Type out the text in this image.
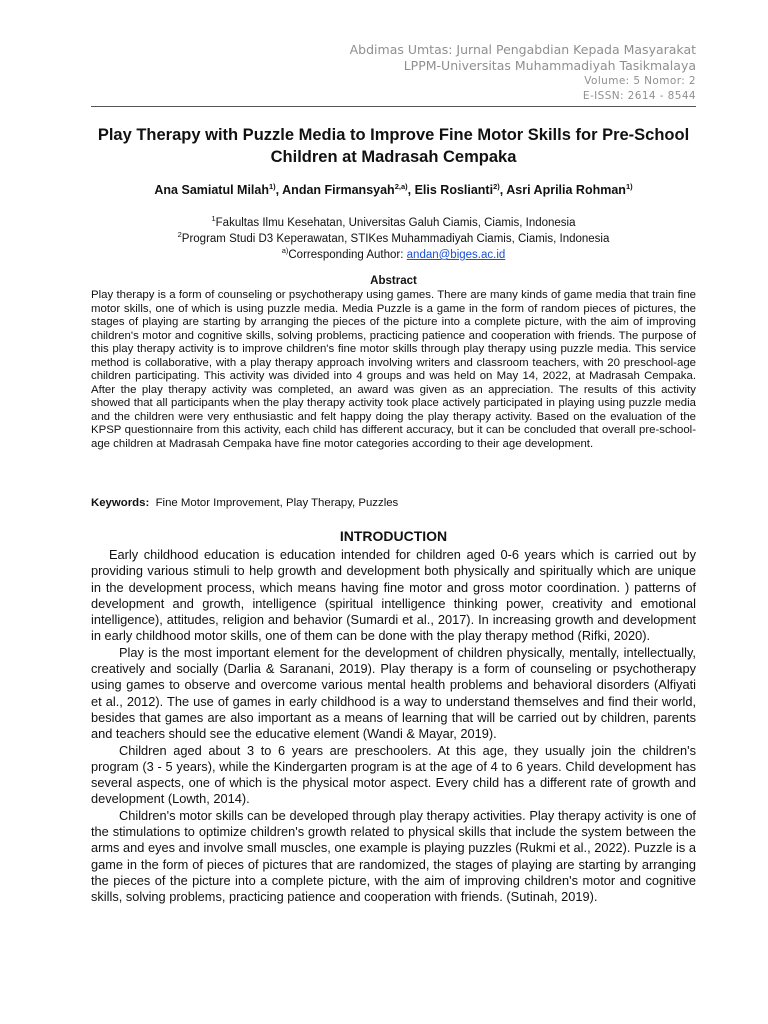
Abdimas Umtas: Jurnal Pengabdian Kepada Masyarakat
LPPM-Universitas Muhammadiyah Tasikmalaya
Volume: 5 Nomor: 2
E-ISSN: 2614 - 8544
Play Therapy with Puzzle Media to Improve Fine Motor Skills for Pre-School Children at Madrasah Cempaka
Ana Samiatul Milah$^{1)}$, Andan Firmansyah$^{2,a)}$, Elis Roslianti$^{2)}$, Asri Aprilia Rohman$^{1)}$
$^1$Fakultas Ilmu Kesehatan, Universitas Galuh Ciamis, Ciamis, Indonesia
$^2$Program Studi D3 Keperawatan, STIKes Muhammadiyah Ciamis, Ciamis, Indonesia
$^{a)}$Corresponding Author: andan@biges.ac.id
Abstract
Play therapy is a form of counseling or psychotherapy using games. There are many kinds of game media that train fine motor skills, one of which is using puzzle media. Media Puzzle is a game in the form of random pieces of pictures, the stages of playing are starting by arranging the pieces of the picture into a complete picture, with the aim of improving children's motor and cognitive skills, solving problems, practicing patience and cooperation with friends. The purpose of this play therapy activity is to improve children's fine motor skills through play therapy using puzzle media. This service method is collaborative, with a play therapy approach involving writers and classroom teachers, with 20 preschool-age children participating. This activity was divided into 4 groups and was held on May 14, 2022, at Madrasah Cempaka. After the play therapy activity was completed, an award was given as an appreciation. The results of this activity showed that all participants when the play therapy activity took place actively participated in playing using puzzle media and the children were very enthusiastic and felt happy doing the play therapy activity. Based on the evaluation of the KPSP questionnaire from this activity, each child has different accuracy, but it can be concluded that overall pre-school-age children at Madrasah Cempaka have fine motor categories according to their age development.
Keywords: Fine Motor Improvement, Play Therapy, Puzzles
INTRODUCTION

Early childhood education is education intended for children aged 0-6 years which is carried out by providing various stimuli to help growth and development both physically and spiritually which are unique in the development process, which means having fine motor and gross motor coordination. ) patterns of development and growth, intelligence (spiritual intelligence thinking power, creativity and emotional intelligence), attitudes, religion and behavior (Sumardi et al., 2017). In increasing growth and development in early childhood motor skills, one of them can be done with the play therapy method (Rifki, 2020).

Play is the most important element for the development of children physically, mentally, intellectually, creatively and socially (Darlia & Saranani, 2019). Play therapy is a form of counseling or psychotherapy using games to observe and overcome various mental health problems and behavioral disorders (Alfiyati et al., 2012). The use of games in early childhood is a way to understand themselves and find their world, besides that games are also important as a means of learning that will be carried out by children, parents and teachers should see the educative element (Wandi & Mayar, 2019).

Children aged about 3 to 6 years are preschoolers. At this age, they usually join the children's program (3 - 5 years), while the Kindergarten program is at the age of 4 to 6 years. Child development has several aspects, one of which is the physical motor aspect. Every child has a different rate of growth and development (Lowth, 2014).

Children's motor skills can be developed through play therapy activities. Play therapy activity is one of the stimulations to optimize children's growth related to physical skills that include the system between the arms and eyes and involve small muscles, one example is playing puzzles (Rukmi et al., 2022). Puzzle is a game in the form of pieces of pictures that are randomized, the stages of playing are starting by arranging the pieces of the picture into a complete picture, with the aim of improving children's motor and cognitive skills, solving problems, practicing patience and cooperation with friends. (Sutinah, 2019).
